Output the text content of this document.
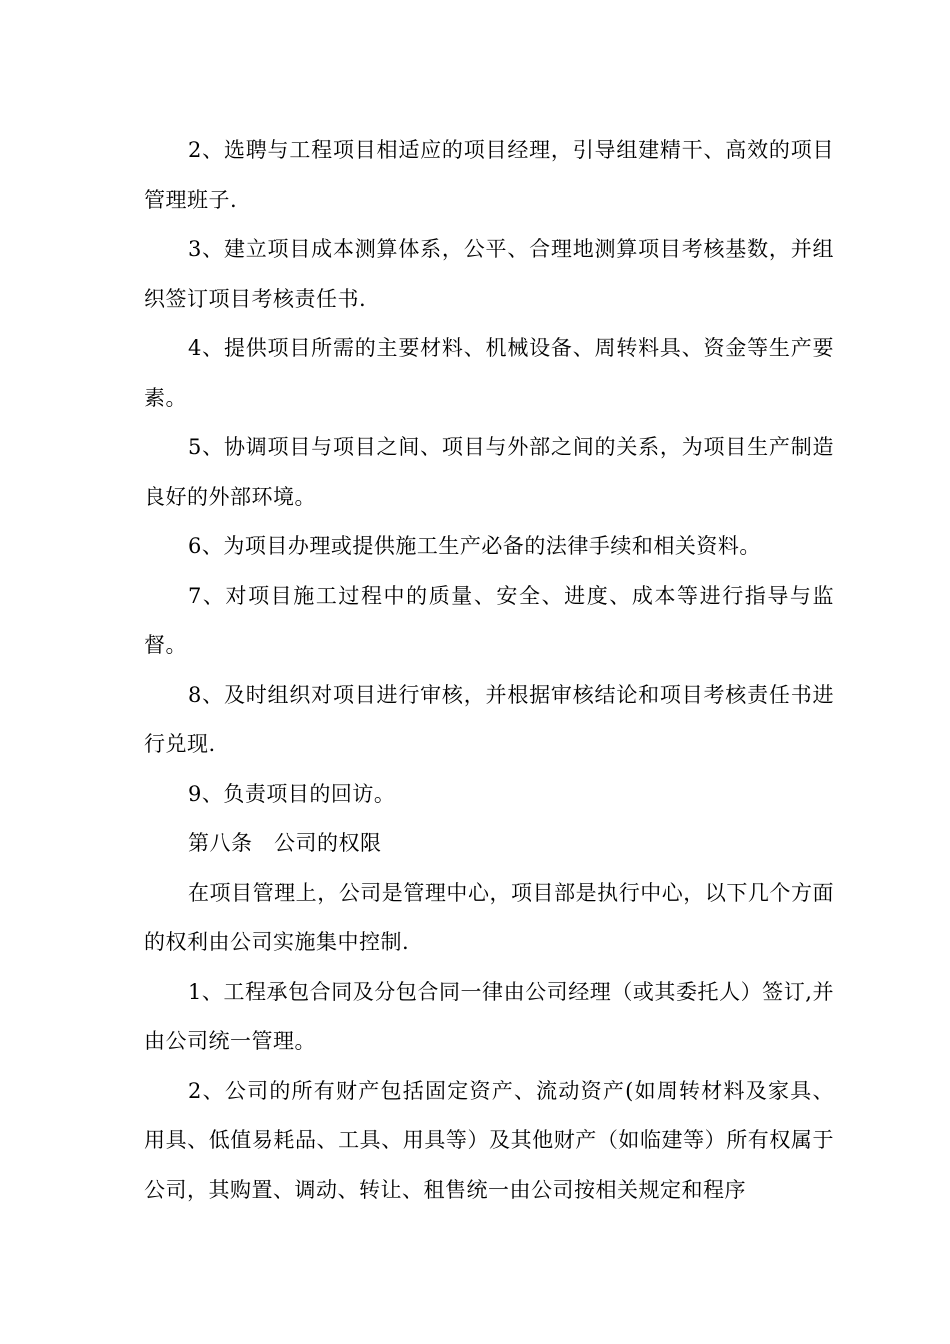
2、选聘与工程项目相适应的项目经理，引导组建精干、高效的项目管理班子.

3、建立项目成本测算体系，公平、合理地测算项目考核基数，并组织签订项目考核责任书.

4、提供项目所需的主要材料、机械设备、周转料具、资金等生产要素。

5、协调项目与项目之间、项目与外部之间的关系，为项目生产制造良好的外部环境。

6、为项目办理或提供施工生产必备的法律手续和相关资料。

7、对项目施工过程中的质量、安全、进度、成本等进行指导与监督。

8、及时组织对项目进行审核，并根据审核结论和项目考核责任书进行兑现.

9、负责项目的回访。

第八条　公司的权限

在项目管理上，公司是管理中心，项目部是执行中心，以下几个方面的权利由公司实施集中控制.

1、工程承包合同及分包合同一律由公司经理（或其委托人）签订,并由公司统一管理。

2、公司的所有财产包括固定资产、流动资产(如周转材料及家具、用具、低值易耗品、工具、用具等）及其他财产（如临建等）所有权属于公司，其购置、调动、转让、租售统一由公司按相关规定和程序
